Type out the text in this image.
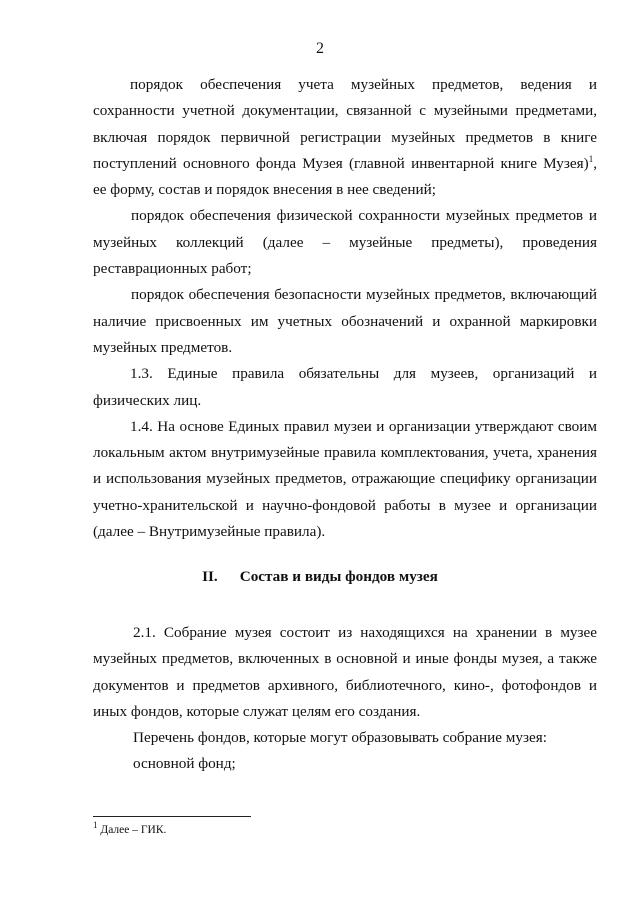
2

порядок обеспечения учета музейных предметов, ведения и сохранности учетной документации, связанной с музейными предметами, включая порядок первичной регистрации музейных предметов в книге поступлений основного фонда Музея (главной инвентарной книге Музея)$^1$, ее форму, состав и порядок внесения в нее сведений;

порядок обеспечения физической сохранности музейных предметов и музейных коллекций (далее – музейные предметы), проведения реставрационных работ;

порядок обеспечения безопасности музейных предметов, включающий наличие присвоенных им учетных обозначений и охранной маркировки музейных предметов.

1.3. Единые правила обязательны для музеев, организаций и физических лиц.

1.4. На основе Единых правил музеи и организации утверждают своим локальным актом внутримузейные правила комплектования, учета, хранения и использования музейных предметов, отражающие специфику организации учетно-хранительской и научно-фондовой работы в музее и организации (далее – Внутримузейные правила).

II. Состав и виды фондов музея

2.1. Собрание музея состоит из находящихся на хранении в музее музейных предметов, включенных в основной и иные фонды музея, а также документов и предметов архивного, библиотечного, кино-, фотофондов и иных фондов, которые служат целям его создания.

Перечень фондов, которые могут образовывать собрание музея:

основной фонд;

$^1$ Далее – ГИК.
